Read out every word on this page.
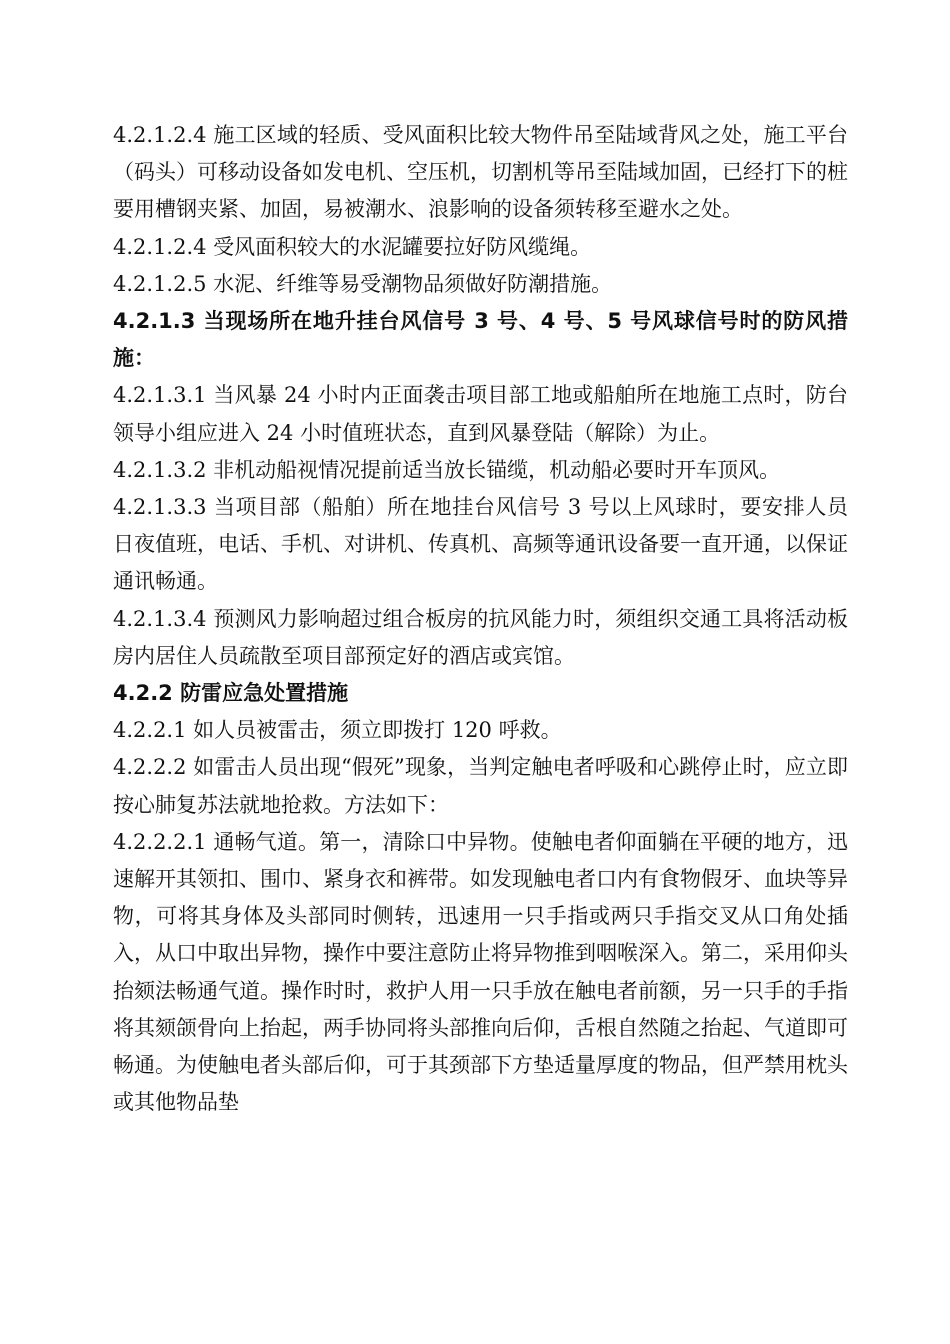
4.2.1.2.4 施工区域的轻质、受风面积比较大物件吊至陆域背风之处，施工平台（码头）可移动设备如发电机、空压机，切割机等吊至陆域加固，已经打下的桩要用槽钢夹紧、加固，易被潮水、浪影响的设备须转移至避水之处。

4.2.1.2.4 受风面积较大的水泥罐要拉好防风缆绳。

4.2.1.2.5 水泥、纤维等易受潮物品须做好防潮措施。

4.2.1.3 当现场所在地升挂台风信号 3 号、4 号、5 号风球信号时的防风措施：

4.2.1.3.1 当风暴 24 小时内正面袭击项目部工地或船舶所在地施工点时，防台领导小组应进入 24 小时值班状态，直到风暴登陆（解除）为止。

4.2.1.3.2 非机动船视情况提前适当放长锚缆，机动船必要时开车顶风。

4.2.1.3.3 当项目部（船舶）所在地挂台风信号 3 号以上风球时，要安排人员日夜值班，电话、手机、对讲机、传真机、高频等通讯设备要一直开通，以保证通讯畅通。

4.2.1.3.4 预测风力影响超过组合板房的抗风能力时，须组织交通工具将活动板房内居住人员疏散至项目部预定好的酒店或宾馆。

4.2.2 防雷应急处置措施

4.2.2.1 如人员被雷击，须立即拨打 120 呼救。

4.2.2.2 如雷击人员出现“假死”现象，当判定触电者呼吸和心跳停止时，应立即按心肺复苏法就地抢救。方法如下：

4.2.2.2.1 通畅气道。第一，清除口中异物。使触电者仰面躺在平硬的地方，迅速解开其领扣、围巾、紧身衣和裤带。如发现触电者口内有食物假牙、血块等异物，可将其身体及头部同时侧转，迅速用一只手指或两只手指交叉从口角处插入，从口中取出异物，操作中要注意防止将异物推到咽喉深入。第二，采用仰头抬颏法畅通气道。操作时时，救护人用一只手放在触电者前额，另一只手的手指将其颏颌骨向上抬起，两手协同将头部推向后仰，舌根自然随之抬起、气道即可畅通。为使触电者头部后仰，可于其颈部下方垫适量厚度的物品，但严禁用枕头或其他物品垫
